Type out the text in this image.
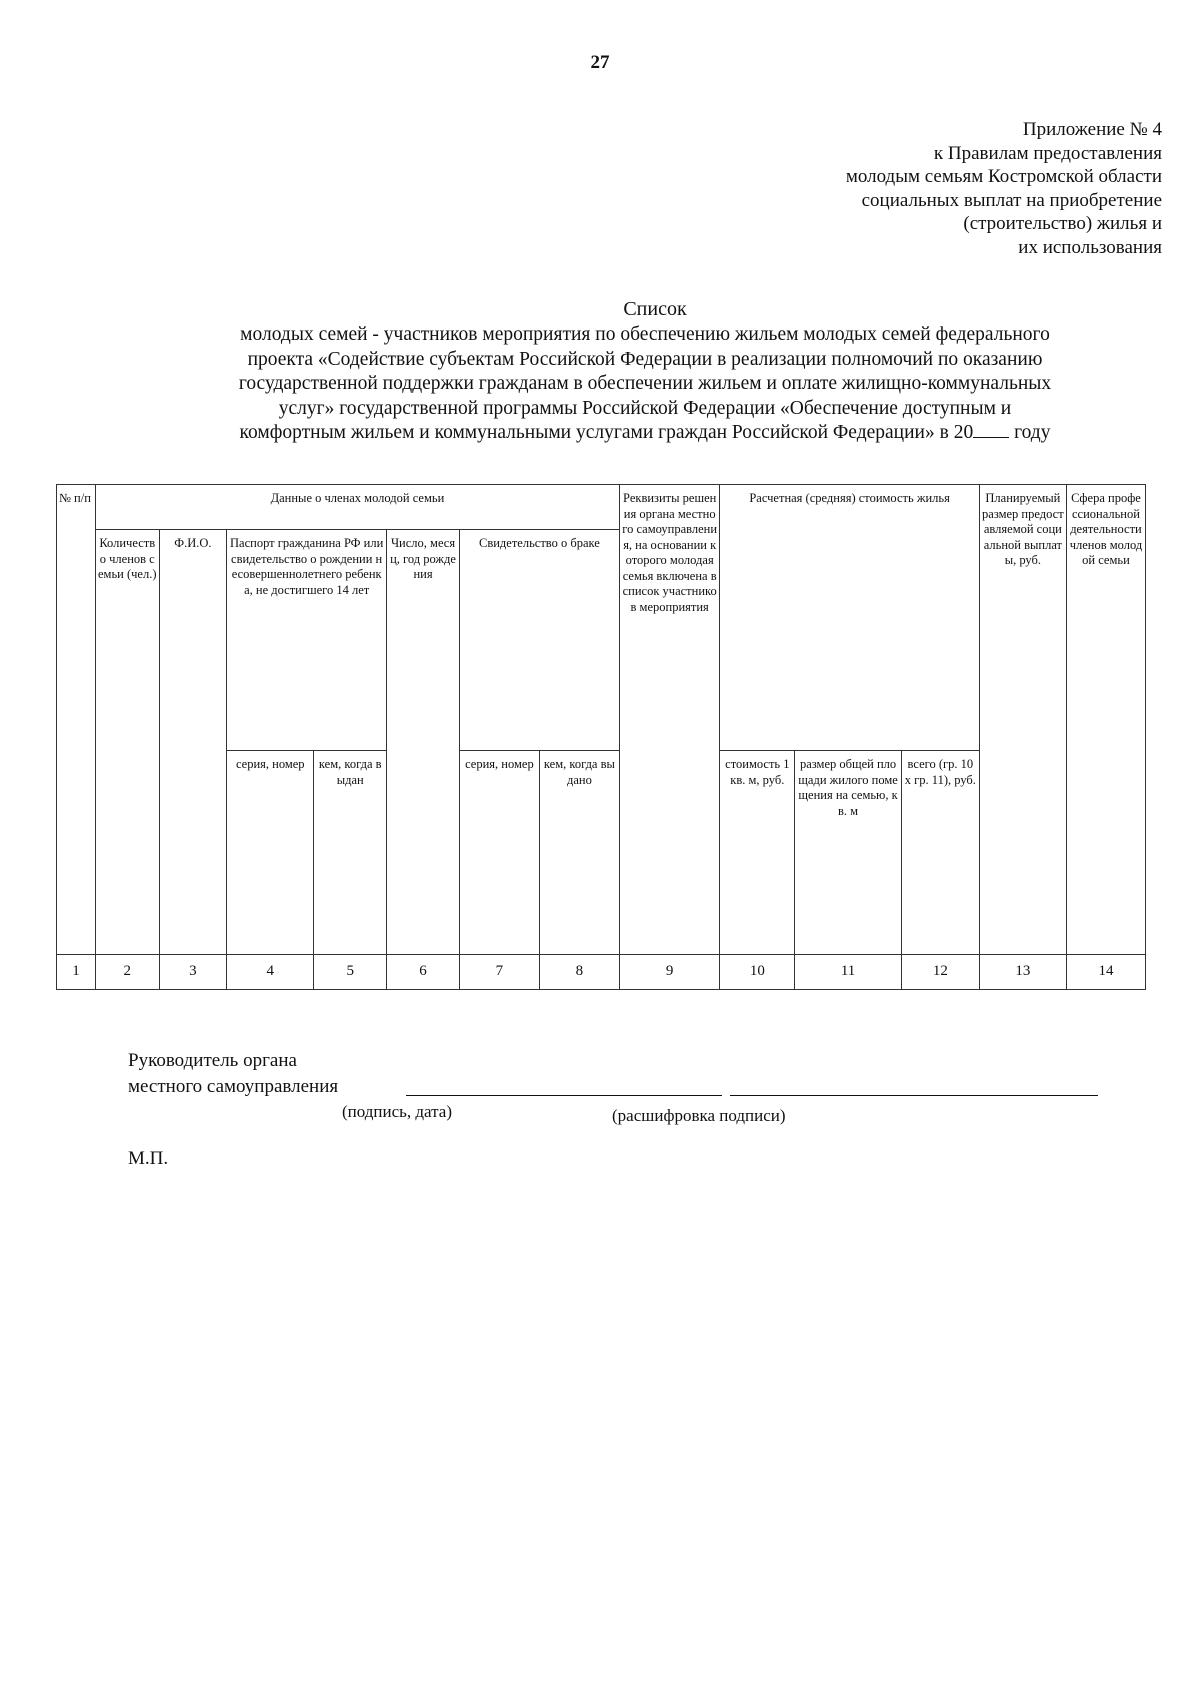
27
Приложение № 4
к Правилам предоставления
молодым семьям Костромской области
социальных выплат на приобретение
(строительство) жилья и
их использования
Список
молодых семей - участников мероприятия по обеспечению жильем молодых семей федерального
проекта «Содействие субъектам Российской Федерации в реализации полномочий по оказанию
государственной поддержки гражданам в обеспечении жильем и оплате жилищно-коммунальных
услуг» государственной программы Российской Федерации «Обеспечение доступным и
комфортным жильем и коммунальными услугами граждан Российской Федерации» в 20 году
№ п/п	Данные о членах молодой семьи							Реквизиты решения органа местного самоуправления, на основании которого молодая семья включена в список участников мероприятия	Расчетная (средняя) стоимость жилья			Планируемый размер предоставляемой социальной выплаты, руб.	Сфера профессиональной деятельности членов молодой семьи
	Количество членов семьи (чел.)	Ф.И.О.	Паспорт гражданина РФ или свидетельство о рождении несовершеннолетнего ребенка, не достигшего 14 лет		Число, месяц, год рождения	Свидетельство о браке							
			серия, номер	кем, когда выдан		серия, номер	кем, когда выдано		стоимость 1 кв. м, руб.	размер общей площади жилого помещения на семью, кв. м	всего (гр. 10 х гр. 11), руб.		
1	2	3	4	5	6	7	8	9	10	11	12	13	14
Руководитель органа
местного самоуправления
(подпись, дата)	(расшифровка подписи)
М.П.
